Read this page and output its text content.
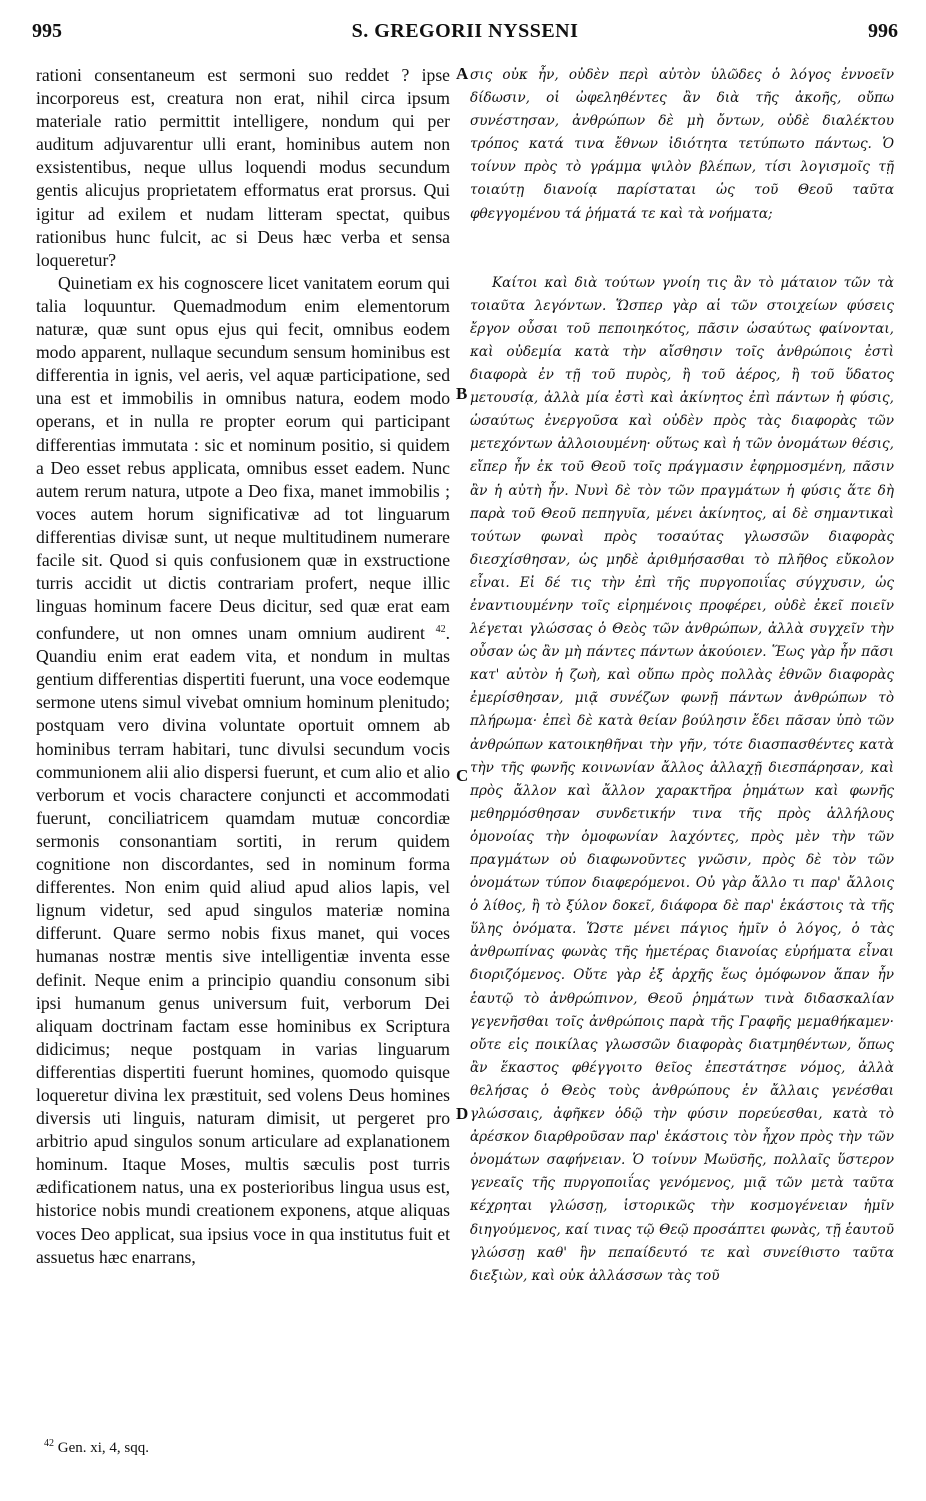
995	S. GREGORII NYSSENI	996

rationi consentaneum est sermoni suo reddet ? ipse incorporeus est, creatura non erat, nihil circa ipsum materiale ratio permittit intelligere, nondum qui per auditum adjuvarentur ulli erant, hominibus autem non exsistentibus, neque ullus loquendi modus secundum gentis alicujus proprietatem efformatus erat prorsus. Qui igitur ad exilem et nudam litteram spectat, quibus rationibus hunc fulcit, ac si Deus hæc verba et sensa loqueretur?

Quinetiam ex his cognoscere licet vanitatem eorum qui talia loquuntur. Quemadmodum enim elementorum naturæ, quæ sunt opus ejus qui fecit, omnibus eodem modo apparent, nullaque secundum sensum hominibus est differentia in ignis, vel aeris, vel aquæ participatione, sed una est et immobilis in omnibus natura, eodem modo operans, et in nulla re propter eorum qui participant differentias immutata : sic et nominum positio, si quidem a Deo esset rebus applicata, omnibus esset eadem. Nunc autem rerum natura, utpote a Deo fixa, manet immobilis ; voces autem horum significativæ ad tot linguarum differentias divisæ sunt, ut neque multitudinem numerare facile sit. Quod si quis confusionem quæ in exstructione turris accidit ut dictis contrariam profert, neque illic linguas hominum facere Deus dicitur, sed quæ erat eam confundere, ut non omnes unam omnium audirent $^{42}$. Quandiu enim erat eadem vita, et nondum in multas gentium differentias dispertiti fuerunt, una voce eodemque sermone utens simul vivebat omnium hominum plenitudo; postquam vero divina voluntate oportuit omnem ab hominibus terram habitari, tunc divulsi secundum vocis communionem alii alio dispersi fuerunt, et cum alio et alio verborum et vocis charactere conjuncti et accommodati fuerunt, conciliatricem quamdam mutuæ concordiæ sermonis consonantiam sortiti, in rerum quidem cognitione non discordantes, sed in nominum forma differentes. Non enim quid aliud apud alios lapis, vel lignum videtur, sed apud singulos materiæ nomina differunt. Quare sermo nobis fixus manet, qui voces humanas nostræ mentis sive intelligentiæ inventa esse definit. Neque enim a principio quandiu consonum sibi ipsi humanum genus universum fuit, verborum Dei aliquam doctrinam factam esse hominibus ex Scriptura didicimus; neque postquam in varias linguarum differentias dispertiti fuerunt homines, quomodo quisque loqueretur divina lex præstituit, sed volens Deus homines diversis uti linguis, naturam dimisit, ut pergeret pro arbitrio apud singulos sonum articulare ad explanationem hominum. Itaque Moses, multis sæculis post turris ædificationem natus, una ex posterioribus lingua usus est, historice nobis mundi creationem exponens, atque aliquas voces Deo applicat, sua ipsius voce in qua institutus fuit et assuetus hæc enarrans,

A
B
C
D

σις οὐκ ἦν, οὐδὲν περὶ αὐτὸν ὑλῶδες ὁ λόγος ἐννοεῖν δίδωσιν, οἱ ὠφεληθέντες ἂν διὰ τῆς ἀκοῆς, οὔπω συνέστησαν, ἀνθρώπων δὲ μὴ ὄντων, οὐδὲ διαλέκτου τρόπος κατά τινα ἔθνων ἰδιότητα τετύπωτο πάντως. Ὁ τοίνυν πρὸς τὸ γράμμα ψιλὸν βλέπων, τίσι λογισμοῖς τῇ τοιαύτῃ διανοίᾳ παρίσταται ὡς τοῦ Θεοῦ ταῦτα φθεγγομένου τά ῥήματά τε καὶ τὰ νοήματα;

Καίτοι καὶ διὰ τούτων γνοίη τις ἂν τὸ μάταιον τῶν τὰ τοιαῦτα λεγόντων. Ὥσπερ γὰρ αἱ τῶν στοιχείων φύσεις ἔργον οὖσαι τοῦ πεποιηκότος, πᾶσιν ὡσαύτως φαίνονται, καὶ οὐδεμία κατὰ τὴν αἴσθησιν τοῖς ἀνθρώποις ἐστὶ διαφορὰ ἐν τῇ τοῦ πυρὸς, ἢ τοῦ ἀέρος, ἢ τοῦ ὕδατος μετουσίᾳ, ἀλλὰ μία ἐστὶ καὶ ἀκίνητος ἐπὶ πάντων ἡ φύσις, ὡσαύτως ἐνεργοῦσα καὶ οὐδὲν πρὸς τὰς διαφορὰς τῶν μετεχόντων ἀλλοιουμένη· οὕτως καὶ ἡ τῶν ὀνομάτων θέσις, εἴπερ ἦν ἐκ τοῦ Θεοῦ τοῖς πράγμασιν ἐφηρμοσμένη, πᾶσιν ἂν ἡ αὐτὴ ἦν. Νυνὶ δὲ τὸν τῶν πραγμάτων ἡ φύσις ἅτε δὴ παρὰ τοῦ Θεοῦ πεπηγυῖα, μένει ἀκίνητος, αἱ δὲ σημαντικαὶ τούτων φωναὶ πρὸς τοσαύτας γλωσσῶν διαφορὰς διεσχίσθησαν, ὡς μηδὲ ἀριθμήσασθαι τὸ πλῆθος εὔκολον εἶναι. Εἰ δέ τις τὴν ἐπὶ τῆς πυργοποιΐας σύγχυσιν, ὡς ἐναντιουμένην τοῖς εἰρημένοις προφέρει, οὐδὲ ἐκεῖ ποιεῖν λέγεται γλώσσας ὁ Θεὸς τῶν ἀνθρώπων, ἀλλὰ συγχεῖν τὴν οὖσαν ὡς ἂν μὴ πάντες πάντων ἀκούοιεν. Ἕως γὰρ ἦν πᾶσι κατ' αὐτὸν ἡ ζωὴ, καὶ οὔπω πρὸς πολλὰς ἐθνῶν διαφορὰς ἐμερίσθησαν, μιᾷ συνέζων φωνῇ πάντων ἀνθρώπων τὸ πλήρωμα· ἐπεὶ δὲ κατὰ θείαν βούλησιν ἔδει πᾶσαν ὑπὸ τῶν ἀνθρώπων κατοικηθῆναι τὴν γῆν, τότε διασπασθέντες κατὰ τὴν τῆς φωνῆς κοινωνίαν ἄλλος ἀλλαχῇ διεσπάρησαν, καὶ πρὸς ἄλλον καὶ ἄλλον χαρακτῆρα ῥημάτων καὶ φωνῆς μεθηρμόσθησαν συνδετικήν τινα τῆς πρὸς ἀλλήλους ὁμονοίας τὴν ὁμοφωνίαν λαχόντες, πρὸς μὲν τὴν τῶν πραγμάτων οὐ διαφωνοῦντες γνῶσιν, πρὸς δὲ τὸν τῶν ὀνομάτων τύπον διαφερόμενοι. Οὐ γὰρ ἄλλο τι παρ' ἄλλοις ὁ λίθος, ἢ τὸ ξύλον δοκεῖ, διάφορα δὲ παρ' ἑκάστοις τὰ τῆς ὕλης ὀνόματα. Ὥστε μένει πάγιος ἡμῖν ὁ λόγος, ὁ τὰς ἀνθρωπίνας φωνὰς τῆς ἡμετέρας διανοίας εὑρήματα εἶναι διοριζόμενος. Οὔτε γὰρ ἐξ ἀρχῆς ἕως ὁμόφωνον ἅπαν ἦν ἑαυτῷ τὸ ἀνθρώπινον, Θεοῦ ῥημάτων τινὰ διδασκαλίαν γεγενῆσθαι τοῖς ἀνθρώποις παρὰ τῆς Γραφῆς μεμαθήκαμεν· οὔτε εἰς ποικίλας γλωσσῶν διαφορὰς διατμηθέντων, ὅπως ἂν ἕκαστος φθέγγοιτο θεῖος ἐπεστάτησε νόμος, ἀλλὰ θελήσας ὁ Θεὸς τοὺς ἀνθρώπους ἐν ἄλλαις γενέσθαι γλώσσαις, ἀφῆκεν ὁδῷ τὴν φύσιν πορεύεσθαι, κατὰ τὸ ἀρέσκον διαρθροῦσαν παρ' ἑκάστοις τὸν ἦχον πρὸς τὴν τῶν ὀνομάτων σαφήνειαν. Ὁ τοίνυν Μωϋσῆς, πολλαῖς ὕστερον γενεαῖς τῆς πυργοποιΐας γενόμενος, μιᾷ τῶν μετὰ ταῦτα κέχρηται γλώσσῃ, ἱστορικῶς τὴν κοσμογένειαν ἡμῖν διηγούμενος, καί τινας τῷ Θεῷ προσάπτει φωνὰς, τῇ ἑαυτοῦ γλώσσῃ καθ' ἣν πεπαίδευτό τε καὶ συνείθιστο ταῦτα διεξιὼν, καὶ οὐκ ἀλλάσσων τὰς τοῦ

$^{42}$ Gen. xi, 4, sqq.
